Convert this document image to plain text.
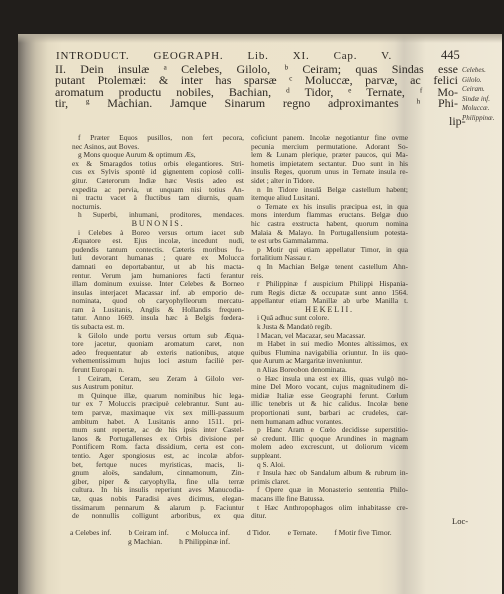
INTRODUCT. GEOGRAPH. Lib. XI. Cap. V.	445
Celebes.
Gilolo.
Ceiram.
Sindæ inf.
Moluccæ.
Philippinæ.
II. Dein insulæ ᵃ Celebes, Gilolo, ᵇ Ceiram; quas Sindas esse
putant Ptolemæi: & inter has sparsæ ᶜ Moluccæ, parvæ, ac felici
aromatum productu nobiles, Bachian, ᵈ Tidor, ᵉ Ternate, ᶠ Mo-
tir, ᵍ Machian. Jamque Sinarum regno adproximantes ʰ Phi-
lip-
f Præter Equos pusillos, non fert pecora,
nec Asinos, aut Boves.
g Mons quoque Aurum & optimum Æs,
ex & Smaragdos totius orbis elegantiores. Stri-
cus ex Sylvis spontè id gignentem copiosè colli-
gitur. Cæterorum Indiæ hæc Vestis adeo est
expedita ac pervia, ut unquam nisi totius An-
ni tractu vacet à fluctibus tam diurnis, quam
nocturnis.
h Superbi, inhumani, proditores, mendaces.
BUNONIS.
i Celebes à Boreo versus ortum iacet sub
Æquatore est. Ejus incolæ, incedunt nudi,
pudendis tantum contectis. Cæteris moribus fu-
luti devorant humanas ; quare ex Molucca
damnati eo deportabantur, ut ab his macta-
rentur. Verum jam humaniores facti ferantur
illam dominum exuisse. Inter Celebes & Borneo
insulas interjacet Macassar inf. ab emporio de-
nominata, quod ob caryophylleorum mercatu-
ram à Lusitanis, Anglis & Hollandis frequen-
tatur. Anno 1669. insula hæc à Belgis fœdera-
tis subacta est. m.
k Gilolo unde portu versus ortum sub Æqua-
tore jacetur, quoniam aromatum caret, non
adeo frequentatur ab exteris nationibus, atque
vehementissimum hujus loci æstum faciliè per-
ferunt Europæi n.
l Ceiram, Ceram, seu Zeram à Gilolo ver-
sus Austrum ponitur.
m Quinque illæ, quarum nominibus hic lega-
tur ex 7 Moluccis præcipuè celebrantur. Sunt au-
tem parvæ, maximaque vix sex milli-passuum
ambitum habet. A Lusitanis anno 1511. pri-
mum sunt repertæ, ac de his ipsis inter Castel-
lanos & Portugallenses ex Orbis divisione per
Pontificem Rom. facta dissidium, certa est con-
tentio. Ager spongiosus est, ac incolæ abfor-
bet, fertque nuces myristicas, macis, li-
gnum aloës, sandalum, cinnamonum, Zin-
giber, piper & caryophylla, fine ulla terræ
cultura. In his insulis reperiunt aves Manucodia-
tæ, quas nobis Paradisi aves dicimus, elegan-
tissimarum pennarum & alarum p. Faciuntur
de nonnullis colligunt arboribus, ex qua
coficiunt panem. Incolæ negotiantur fine ovme
pecunia mercium permutatione. Adorant So-
lem & Lunam plerique, præter paucos, qui Ma-
hometis impietatem sectantur. Duo sunt in his
insulis Reges, quorum unus in Ternate insula re-
sidet ; alter in Tidore.
n In Tidore insulâ Belgæ castellum habent;
itemque aliud Lusitani.
o Ternate ex his insulis præcipua est, in qua
mons interdum flammas eructans. Belgæ duo
hic castra exstructa habent, quorum nomina
Malaia & Malayo. In Portugallensium potesta-
te est urbs Gammalamma.
p Motir qui etiam appellatur Timor, in qua
fortalitium Nassau r.
q In Machian Belgæ tenent castellum Ahn-
reis.
r Philippinæ f auspicium Philippi Hispania-
rum Regis dictæ & occupatæ sunt anno 1564.
appellantur etiam Manillæ ab urbe Manilla t.
HEKELII.
i Quâ adhuc sunt colore.
k Justa & Mandatò regib.
l Macan, vel Macazar, seu Macassar.
m Habet in sui medio Montes altissimos, ex
quibus Flumina navigabilia oriuntur. In iis quo-
que Aurum ac Margaritæ inveniuntur.
n Alias Boreobon denominata.
o Hæc insula una est ex illis, quas vulgò no-
mine Del Moro vocant, cujus magnitudinem di-
midiæ Italiæ esse Geographi ferunt. Cœlum
illic tenebris ut & hic calidus. Incolæ bene
proportionati sunt, barbari ac crudeles, car-
nem humanam adhuc vorantes.
p Hanc Aram e Cœlo decidisse superstitio-
sè credunt. Illic quoque Arundines in magnam
molem adeo excrescunt, ut doliorum vicem
suppleant.
q S. Aloi.
r Insula hæc ob Sandalum album & rubrum in-
primis claret.
f Opere quæ in Monasterio sententia Philo-
macans ille fine Batussa.
t Hæc Anthropophagos olim inhabitasse cre-
ditur.
Loc-
a Celebes inf. b Ceiram inf. c Molucca inf. d Tidor. e Ternate. f Motir five Timor.
g Machian. h Philippinæ inf.
